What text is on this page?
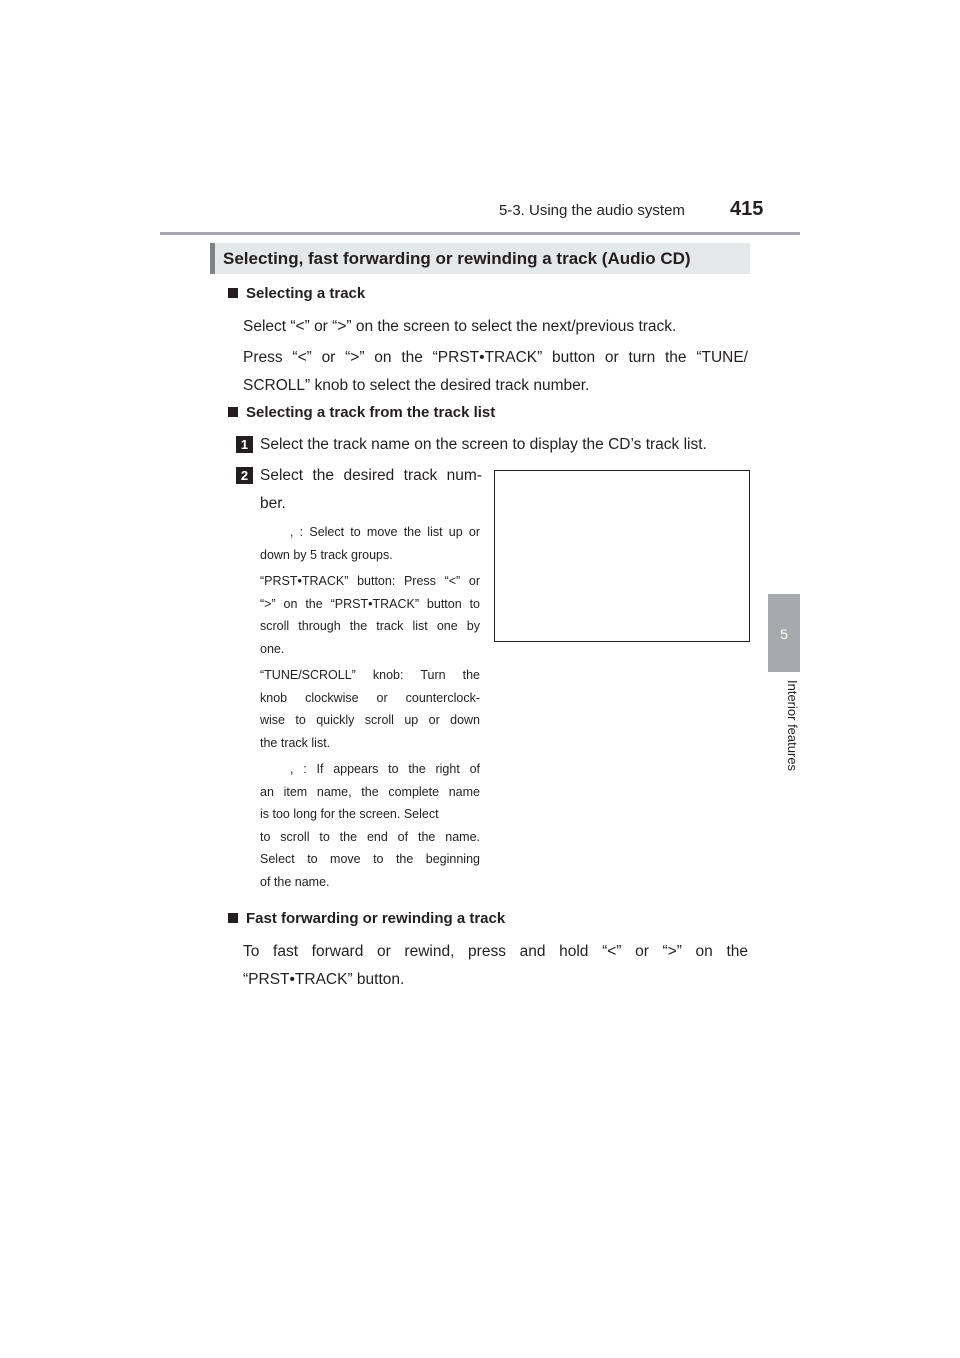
5-3. Using the audio system 415
5
Interior features
Selecting, fast forwarding or rewinding a track (Audio CD)
Selecting a track
Select “<” or “>” on the screen to select the next/previous track.
Press “<” or “>” on the “PRST•TRACK” button or turn the “TUNE/
SCROLL” knob to select the desired track number.
Selecting a track from the track list
1 Select the track name on the screen to display the CD’s track list.
2 Select the desired track num-
ber.
, : Select to move the list up or
down by 5 track groups.
“PRST•TRACK” button: Press “<” or
“>” on the “PRST•TRACK” button to
scroll through the track list one by
one.
“TUNE/SCROLL” knob: Turn the
knob clockwise or counterclock-
wise to quickly scroll up or down
the track list.
, : If appears to the right of
an item name, the complete name
is too long for the screen. Select
to scroll to the end of the name.
Select to move to the beginning
of the name.
Fast forwarding or rewinding a track
To fast forward or rewind, press and hold “<” or “>” on the
“PRST•TRACK” button.
